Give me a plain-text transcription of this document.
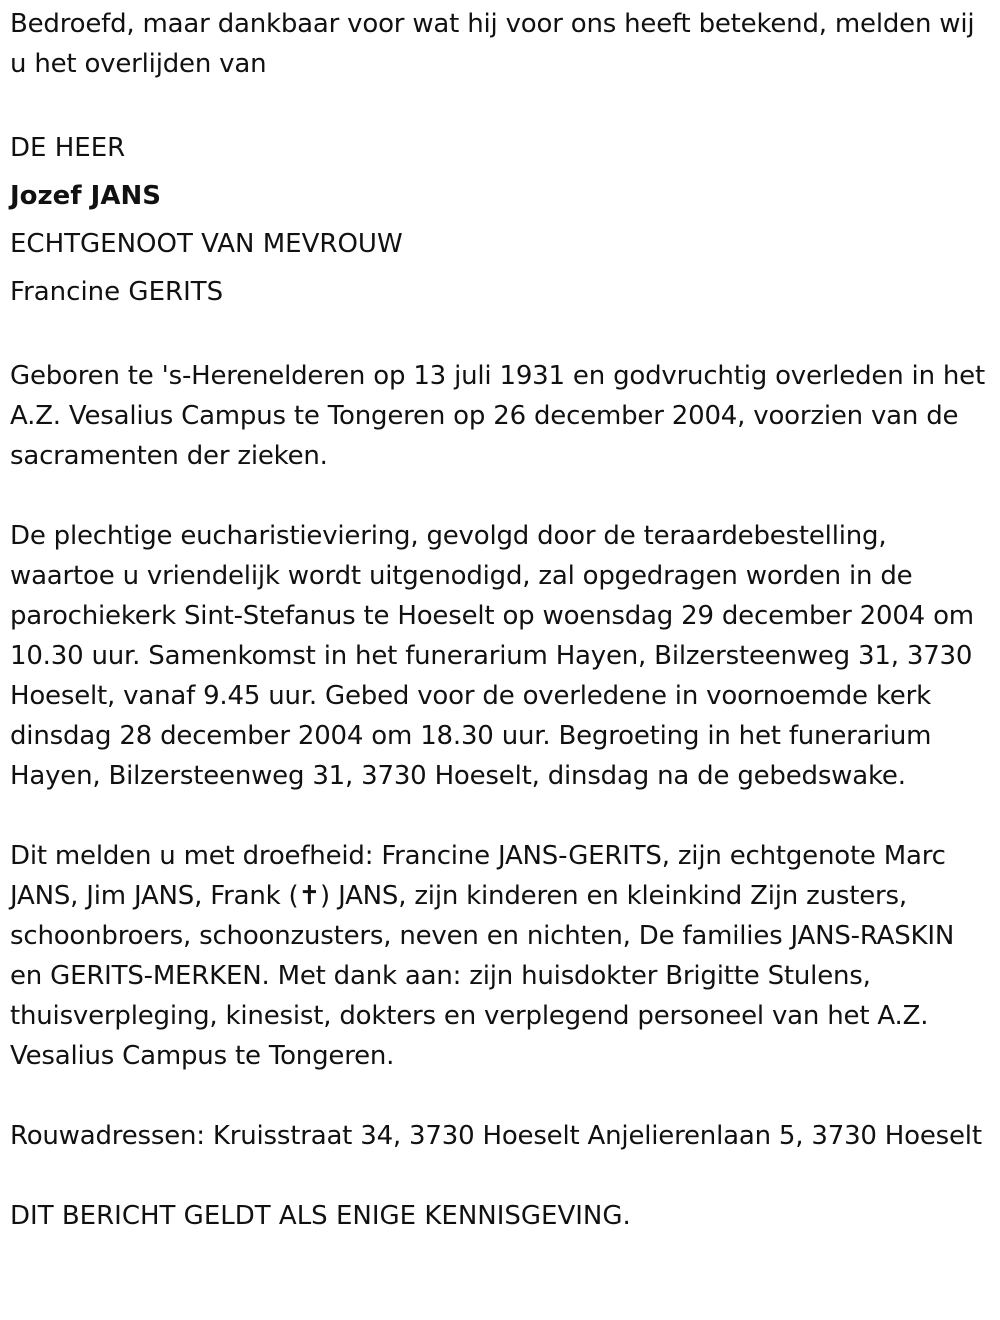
Bedroefd, maar dankbaar voor wat hij voor ons heeft betekend, melden wij u het overlijden van

DE HEER

Jozef JANS

ECHTGENOOT VAN MEVROUW

Francine GERITS

Geboren te 's-Herenelderen op 13 juli 1931 en godvruchtig overleden in het A.Z. Vesalius Campus te Tongeren op 26 december 2004, voorzien van de sacramenten der zieken.

De plechtige eucharistieviering, gevolgd door de teraardebestelling, waartoe u vriendelijk wordt uitgenodigd, zal opgedragen worden in de parochiekerk Sint-Stefanus te Hoeselt op woensdag 29 december 2004 om 10.30 uur. Samenkomst in het funerarium Hayen, Bilzersteenweg 31, 3730 Hoeselt, vanaf 9.45 uur. Gebed voor de overledene in voornoemde kerk dinsdag 28 december 2004 om 18.30 uur. Begroeting in het funerarium Hayen, Bilzersteenweg 31, 3730 Hoeselt, dinsdag na de gebedswake.

Dit melden u met droefheid: Francine JANS-GERITS, zijn echtgenote Marc JANS, Jim JANS, Frank (✝) JANS, zijn kinderen en kleinkind Zijn zusters, schoonbroers, schoonzusters, neven en nichten, De families JANS-RASKIN en GERITS-MERKEN. Met dank aan: zijn huisdokter Brigitte Stulens, thuisverpleging, kinesist, dokters en verplegend personeel van het A.Z. Vesalius Campus te Tongeren.

Rouwadressen: Kruisstraat 34, 3730 Hoeselt Anjelierenlaan 5, 3730 Hoeselt

DIT BERICHT GELDT ALS ENIGE KENNISGEVING.
